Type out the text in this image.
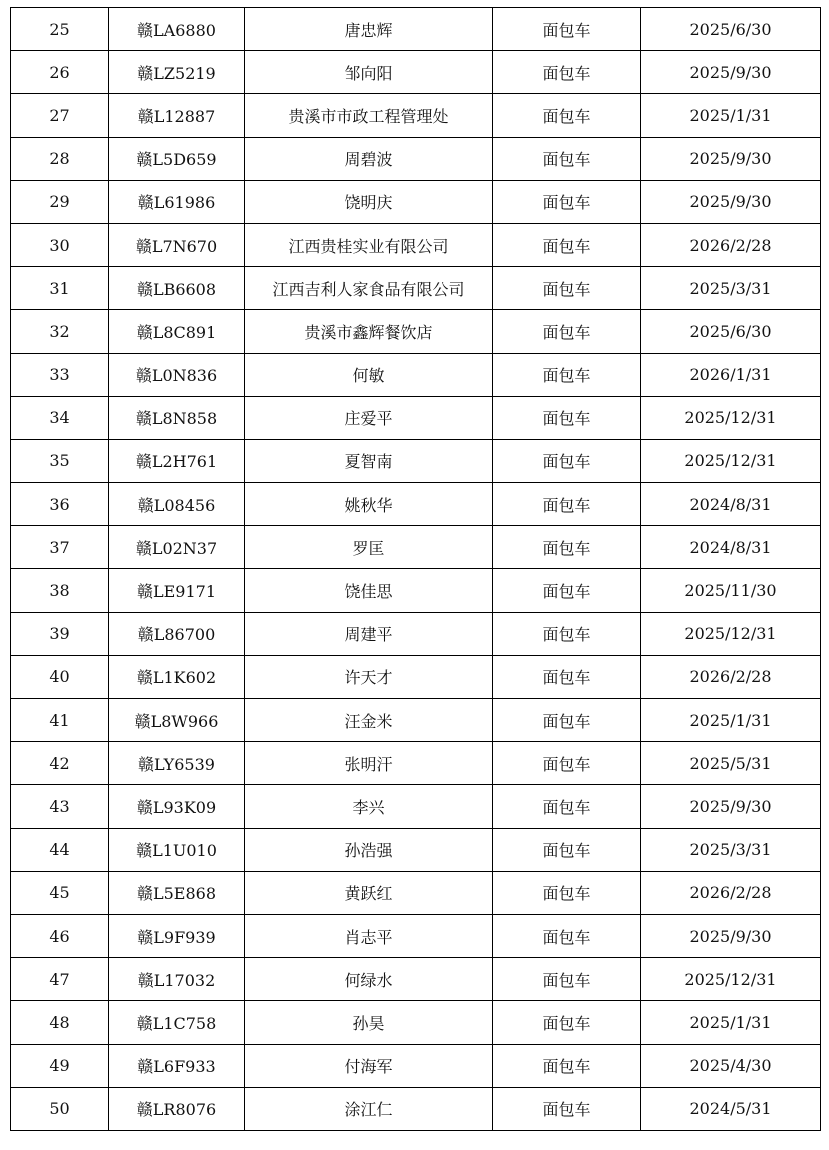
25	赣LA6880	唐忠辉	面包车	2025/6/30
26	赣LZ5219	邹向阳	面包车	2025/9/30
27	赣L12887	贵溪市市政工程管理处	面包车	2025/1/31
28	赣L5D659	周碧波	面包车	2025/9/30
29	赣L61986	饶明庆	面包车	2025/9/30
30	赣L7N670	江西贵桂实业有限公司	面包车	2026/2/28
31	赣LB6608	江西吉利人家食品有限公司	面包车	2025/3/31
32	赣L8C891	贵溪市鑫辉餐饮店	面包车	2025/6/30
33	赣L0N836	何敏	面包车	2026/1/31
34	赣L8N858	庄爱平	面包车	2025/12/31
35	赣L2H761	夏智南	面包车	2025/12/31
36	赣L08456	姚秋华	面包车	2024/8/31
37	赣L02N37	罗匡	面包车	2024/8/31
38	赣LE9171	饶佳思	面包车	2025/11/30
39	赣L86700	周建平	面包车	2025/12/31
40	赣L1K602	许天才	面包车	2026/2/28
41	赣L8W966	汪金米	面包车	2025/1/31
42	赣LY6539	张明汗	面包车	2025/5/31
43	赣L93K09	李兴	面包车	2025/9/30
44	赣L1U010	孙浩强	面包车	2025/3/31
45	赣L5E868	黄跃红	面包车	2026/2/28
46	赣L9F939	肖志平	面包车	2025/9/30
47	赣L17032	何绿水	面包车	2025/12/31
48	赣L1C758	孙昊	面包车	2025/1/31
49	赣L6F933	付海军	面包车	2025/4/30
50	赣LR8076	涂江仁	面包车	2024/5/31
